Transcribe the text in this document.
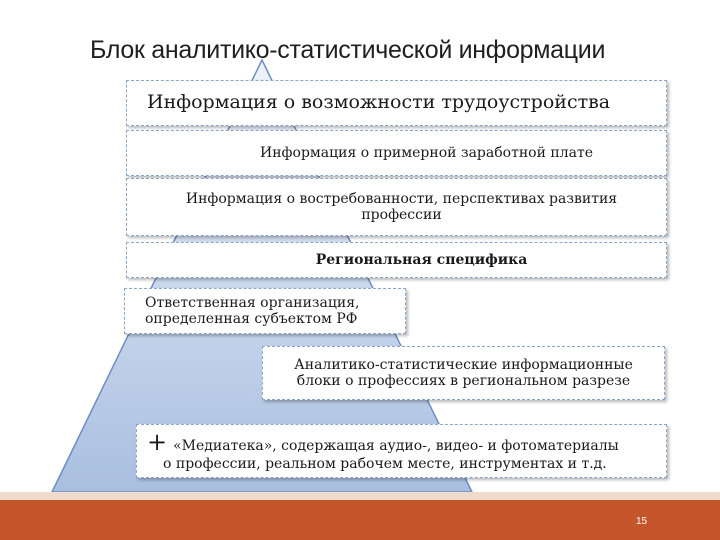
Блок аналитико-статистической информации
Информация о возможности трудоустройства
Информация о примерной заработной плате
Информация о востребованности, перспективах развития профессии
Региональная специфика
Ответственная организация,
определенная субъектом РФ
Аналитико-статистические информационные
блоки о профессиях в региональном разрезе
+ «Медиатека», содержащая аудио-, видео- и фотоматериалы
о профессии, реальном рабочем месте, инструментах и т.д.
15
